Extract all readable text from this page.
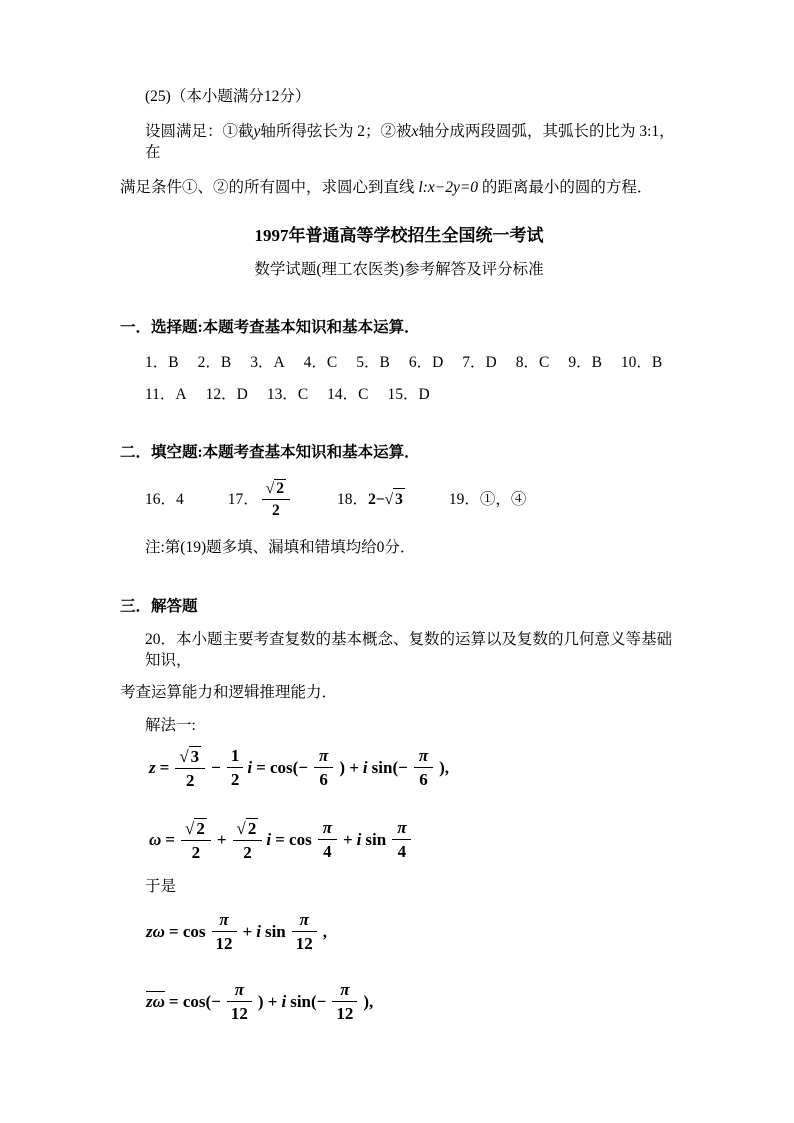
(25)（本小题满分12分）
设圆满足：①截y轴所得弦长为 2；②被x轴分成两段圆弧，其弧长的比为 3:1，在
满足条件①、②的所有圆中，求圆心到直线 l:x−2y=0 的距离最小的圆的方程．
1997年普通高等学校招生全国统一考试
数学试题(理工农医类)参考解答及评分标准
一．选择题:本题考查基本知识和基本运算．
1．B 2．B 3．A 4．C 5．B 6．D 7．D 8．C 9．B 10．B
11．A 12．D 13．C 14．C 15．D
二．填空题:本题考查基本知识和基本运算．
16．4	17． $\frac{√ 2}{2}$	18． 2−√ 3	19．①，④
注:第(19)题多填、漏填和错填均给0分．
三．解答题
20．本小题主要考查复数的基本概念、复数的运算以及复数的几何意义等基础知识，
考查运算能力和逻辑推理能力．
解法一:
$z = \frac{√ 3}{2} - \frac{1}{2}$ $i = \cos(- \frac{\pi}{6}$ ) + i $\sin(- \frac{\pi}{6}$ ),
$\omega = \frac{√ 2}{2} + \frac{√ 2}{2}$ $i = \cos \frac{\pi}{4} + i$ $\sin \frac{\pi}{4}$
于是
$z\omega = \cos \frac{\pi}{12} + i$ $\sin \frac{\pi}{12}$ ,
$\overline{z\omega} = \cos(- \frac{\pi}{12}$ ) + i $\sin(- \frac{\pi}{12}$ ),
